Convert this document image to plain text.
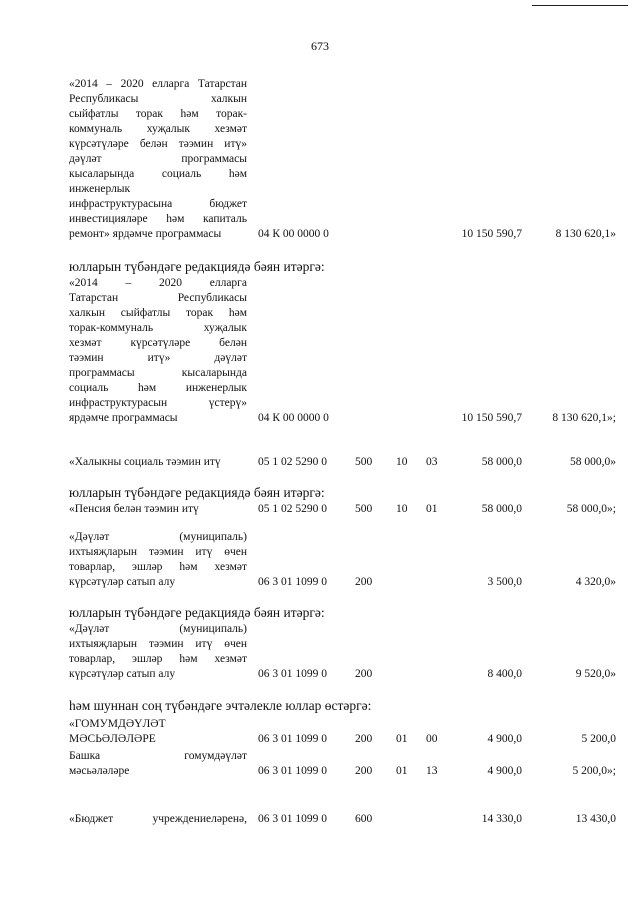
673
«2014 – 2020 елларга Татарстан
Республикасы халкын
сыйфатлы торак һәм торак-
коммуналь хуҗалык хезмәт
күрсәтүләре белән тәэмин итү»
дәүләт программасы
кысаларында социаль һәм
инженерлык
инфраструктурасына бюджет
инвестицияләре һәм капиталь
ремонт» ярдәмче программасы	04 К 00 0000 0	10 150 590,7	8 130 620,1»
юлларын түбәндәге редакциядә бәян итәргә:
«2014 – 2020 елларга
Татарстан Республикасы
халкын сыйфатлы торак һәм
торак-коммуналь хуҗалык
хезмәт күрсәтүләре белән
тәэмин итү» дәүләт
программасы кысаларында
социаль һәм инженерлык
инфраструктурасын үстерү»
ярдәмче программасы	04 К 00 0000 0	10 150 590,7	8 130 620,1»;
«Халыкны социаль тәэмин итү	05 1 02 5290 0 500 10 03	58 000,0	58 000,0»
юлларын түбәндәге редакциядә бәян итәргә:
«Пенсия белән тәэмин итү	05 1 02 5290 0 500 10 01	58 000,0	58 000,0»;
«Дәүләт (муниципаль)
ихтыяҗларын тәэмин итү өчен
товарлар, эшләр һәм хезмәт
күрсәтүләр сатып алу	06 3 01 1099 0 200	3 500,0	4 320,0»
юлларын түбәндәге редакциядә бәян итәргә:
«Дәүләт (муниципаль)
ихтыяҗларын тәэмин итү өчен
товарлар, эшләр һәм хезмәт
күрсәтүләр сатып алу	06 3 01 1099 0 200	8 400,0	9 520,0»
һәм шуннан соң түбәндәге эчтәлекле юллар өстәргә:
«ГОМУМДӘҮЛӘТ
МӘСЬӘЛӘЛӘРЕ	06 3 01 1099 0 200 01 00	4 900,0	5 200,0
Башка гомумдәүләт
мәсьәләләре	06 3 01 1099 0 200 01 13	4 900,0	5 200,0»;
«Бюджет учреждениеләренә, 06 3 01 1099 0 600	14 330,0	13 430,0
